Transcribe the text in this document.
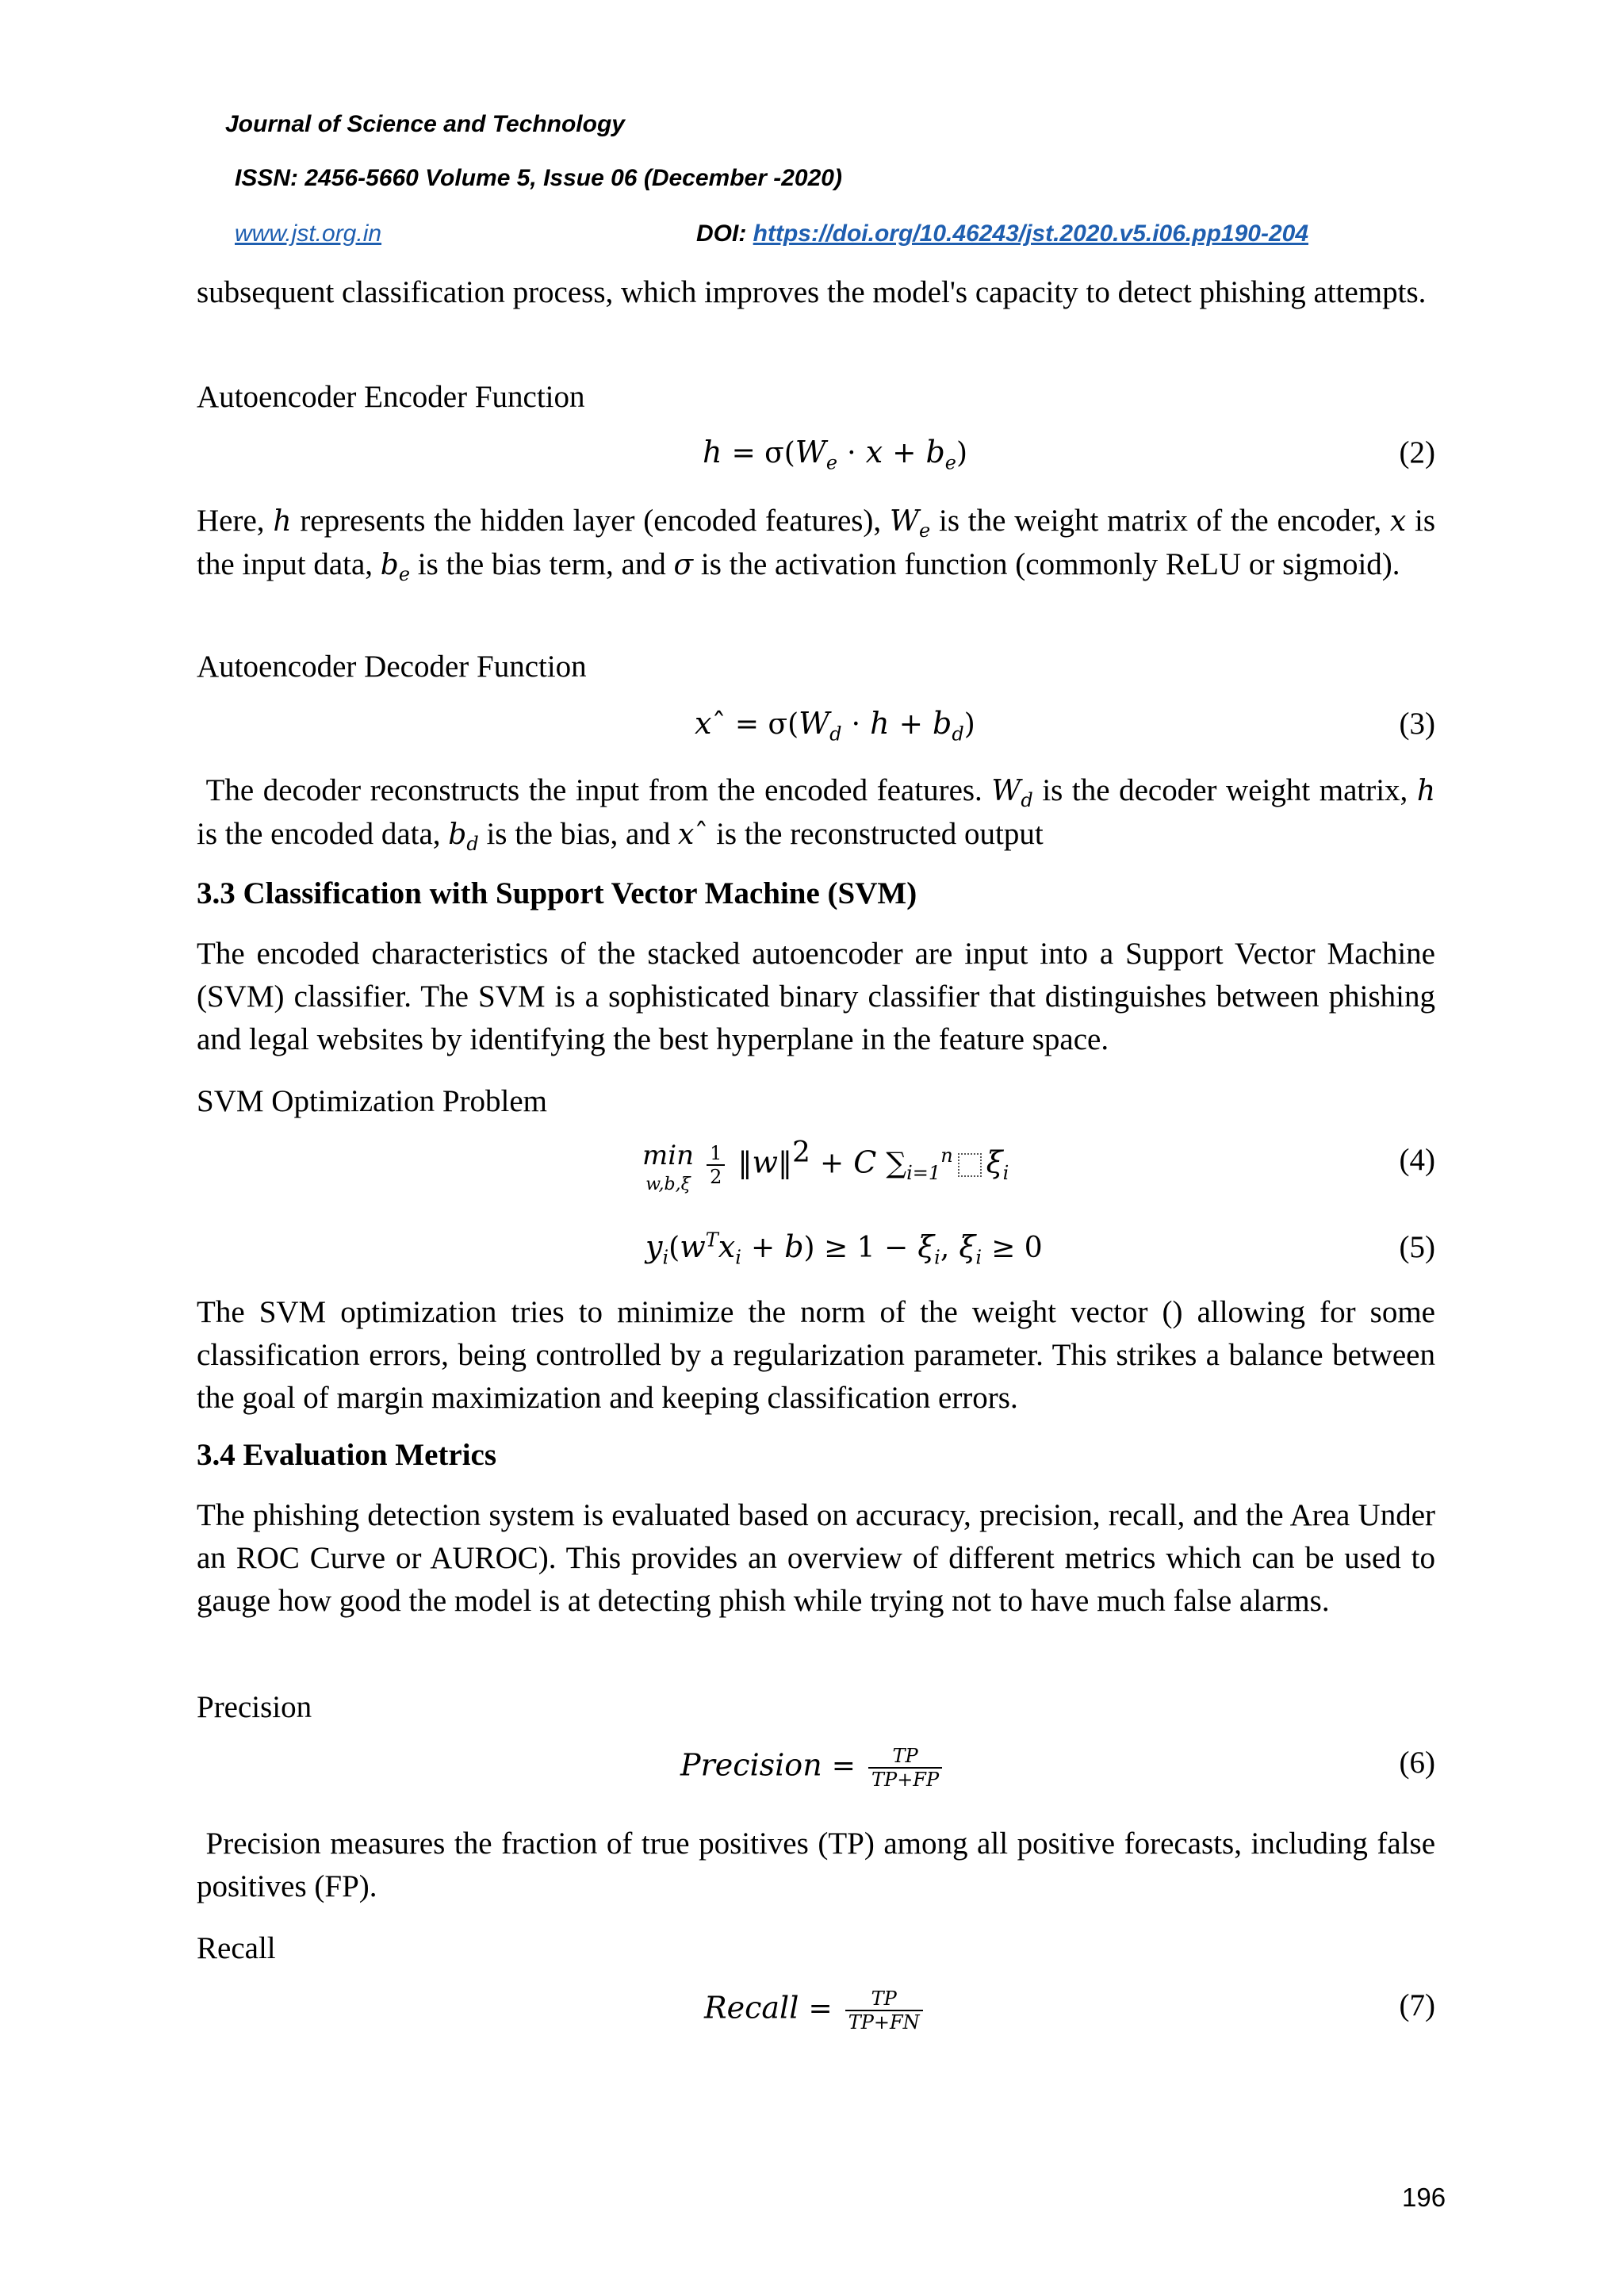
Journal of Science and Technology
ISSN: 2456-5660 Volume 5, Issue 06 (December -2020)
www.jst.org.in	DOI: https://doi.org/10.46243/jst.2020.v5.i06.pp190-204

subsequent classification process, which improves the model's capacity to detect phishing attempts.

Autoencoder Encoder Function

$h = \sigma(W_e \cdot x + b_e)$	(2)

Here, h represents the hidden layer (encoded features), $W_e$ is the weight matrix of the encoder, x is the input data, $b_e$ is the bias term, and σ is the activation function (commonly ReLU or sigmoid).

Autoencoder Decoder Function

xˆ = $\sigma(W_d \cdot h + b_d)$	(3)

The decoder reconstructs the input from the encoded features. $W_d$ is the decoder weight matrix, h is the encoded data, $b_d$ is the bias, and xˆ is the reconstructed output

3.3 Classification with Support Vector Machine (SVM)

The encoded characteristics of the stacked autoencoder are input into a Support Vector Machine (SVM) classifier. The SVM is a sophisticated binary classifier that distinguishes between phishing and legal websites by identifying the best hyperplane in the feature space.

SVM Optimization Problem

min
$w,b,\xi \frac{1}{2}$ ‖w‖$^2$ + C $\sum_{i=1}^n$ $\xi_i$	(4)
$y_i(w^Tx_i + b) \ge 1 - \xi_i$, $\xi_i \ge 0$	(5)

The SVM optimization tries to minimize the norm of the weight vector () allowing for some classification errors, being controlled by a regularization parameter. This strikes a balance between the goal of margin maximization and keeping classification errors.

3.4 Evaluation Metrics

The phishing detection system is evaluated based on accuracy, precision, recall, and the Area Under an ROC Curve or AUROC). This provides an overview of different metrics which can be used to gauge how good the model is at detecting phish while trying not to have much false alarms.

Precision

Precision = $\frac{TP}{TP+FP}$	(6)

Precision measures the fraction of true positives (TP) among all positive forecasts, including false positives (FP).

Recall

Recall = $\frac{TP}{TP+FN}$	(7)
196
